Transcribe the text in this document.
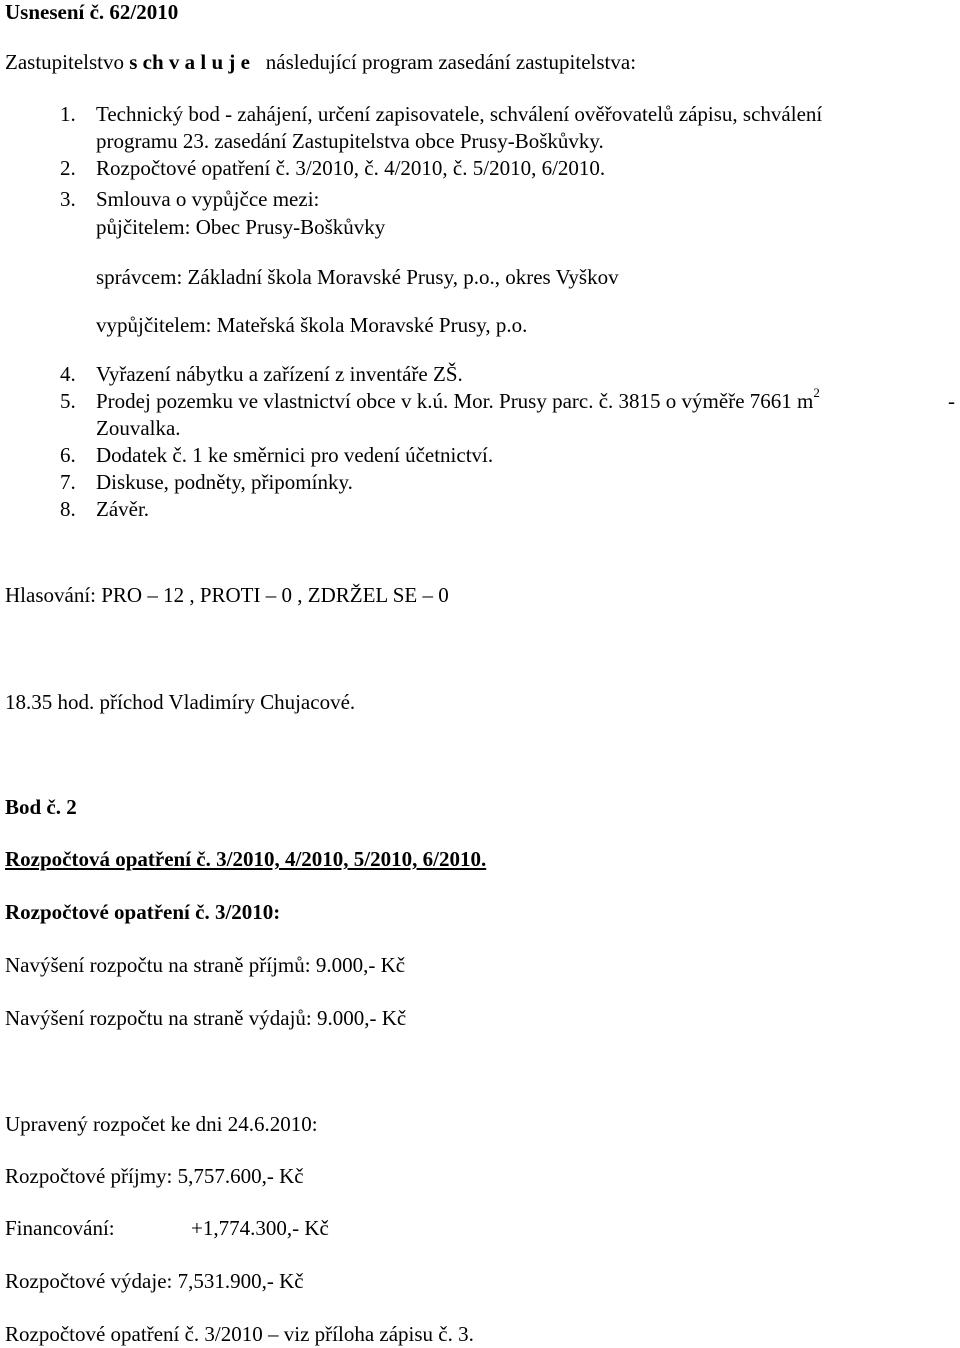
Usnesení č. 62/2010
Zastupitelstvo s ch v a l u j e následující program zasedání zastupitelstva:
1. Technický bod - zahájení, určení zapisovatele, schválení ověřovatelů zápisu, schválení
programu 23. zasedání Zastupitelstva obce Prusy-Boškůvky.
2. Rozpočtové opatření č. 3/2010, č. 4/2010, č. 5/2010, 6/2010.
3. Smlouva o vypůjčce mezi:
půjčitelem: Obec Prusy-Boškůvky
správcem: Základní škola Moravské Prusy, p.o., okres Vyškov
vypůjčitelem: Mateřská škola Moravské Prusy, p.o.
4. Vyřazení nábytku a zařízení z inventáře ZŠ.
5. Prodej pozemku ve vlastnictví obce v k.ú. Mor. Prusy parc. č. 3815 o výměře 7661 $m^2$	-
Zouvalka.
6. Dodatek č. 1 ke směrnici pro vedení účetnictví.
7. Diskuse, podněty, připomínky.
8. Závěr.
Hlasování: PRO – 12 , PROTI – 0 , ZDRŽEL SE – 0
18.35 hod. příchod Vladimíry Chujacové.
Bod č. 2
Rozpočtová opatření č. 3/2010, 4/2010, 5/2010, 6/2010.
Rozpočtové opatření č. 3/2010:
Navýšení rozpočtu na straně příjmů: 9.000,- Kč
Navýšení rozpočtu na straně výdajů: 9.000,- Kč
Upravený rozpočet ke dni 24.6.2010:
Rozpočtové příjmy: 5,757.600,- Kč
Financování:	+1,774.300,- Kč
Rozpočtové výdaje: 7,531.900,- Kč
Rozpočtové opatření č. 3/2010 – viz příloha zápisu č. 3.
